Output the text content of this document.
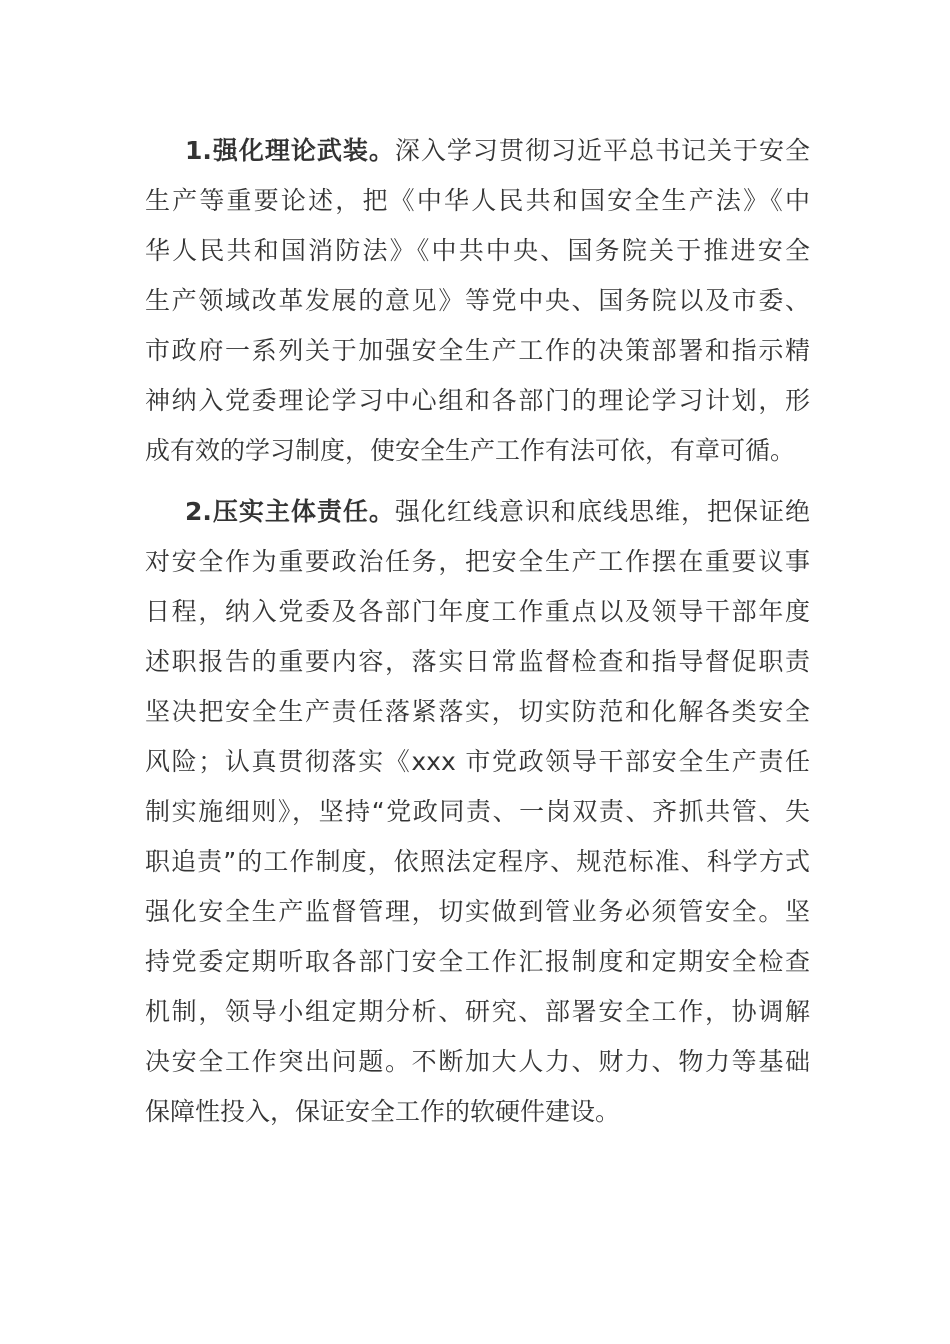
1.强化理论武装。深入学习贯彻习近平总书记关于安全
生产等重要论述，把《中华人民共和国安全生产法》《中
华人民共和国消防法》《中共中央、国务院关于推进安全
生产领域改革发展的意见》等党中央、国务院以及市委、
市政府一系列关于加强安全生产工作的决策部署和指示精
神纳入党委理论学习中心组和各部门的理论学习计划，形
成有效的学习制度，使安全生产工作有法可依，有章可循。

2.压实主体责任。强化红线意识和底线思维，把保证绝
对安全作为重要政治任务，把安全生产工作摆在重要议事
日程，纳入党委及各部门年度工作重点以及领导干部年度
述职报告的重要内容，落实日常监督检查和指导督促职责
坚决把安全生产责任落紧落实，切实防范和化解各类安全
风险；认真贯彻落实《xxx 市党政领导干部安全生产责任
制实施细则》，坚持“党政同责、一岗双责、齐抓共管、失
职追责”的工作制度，依照法定程序、规范标准、科学方式
强化安全生产监督管理，切实做到管业务必须管安全。坚
持党委定期听取各部门安全工作汇报制度和定期安全检查
机制，领导小组定期分析、研究、部署安全工作，协调解
决安全工作突出问题。不断加大人力、财力、物力等基础
保障性投入，保证安全工作的软硬件建设。
